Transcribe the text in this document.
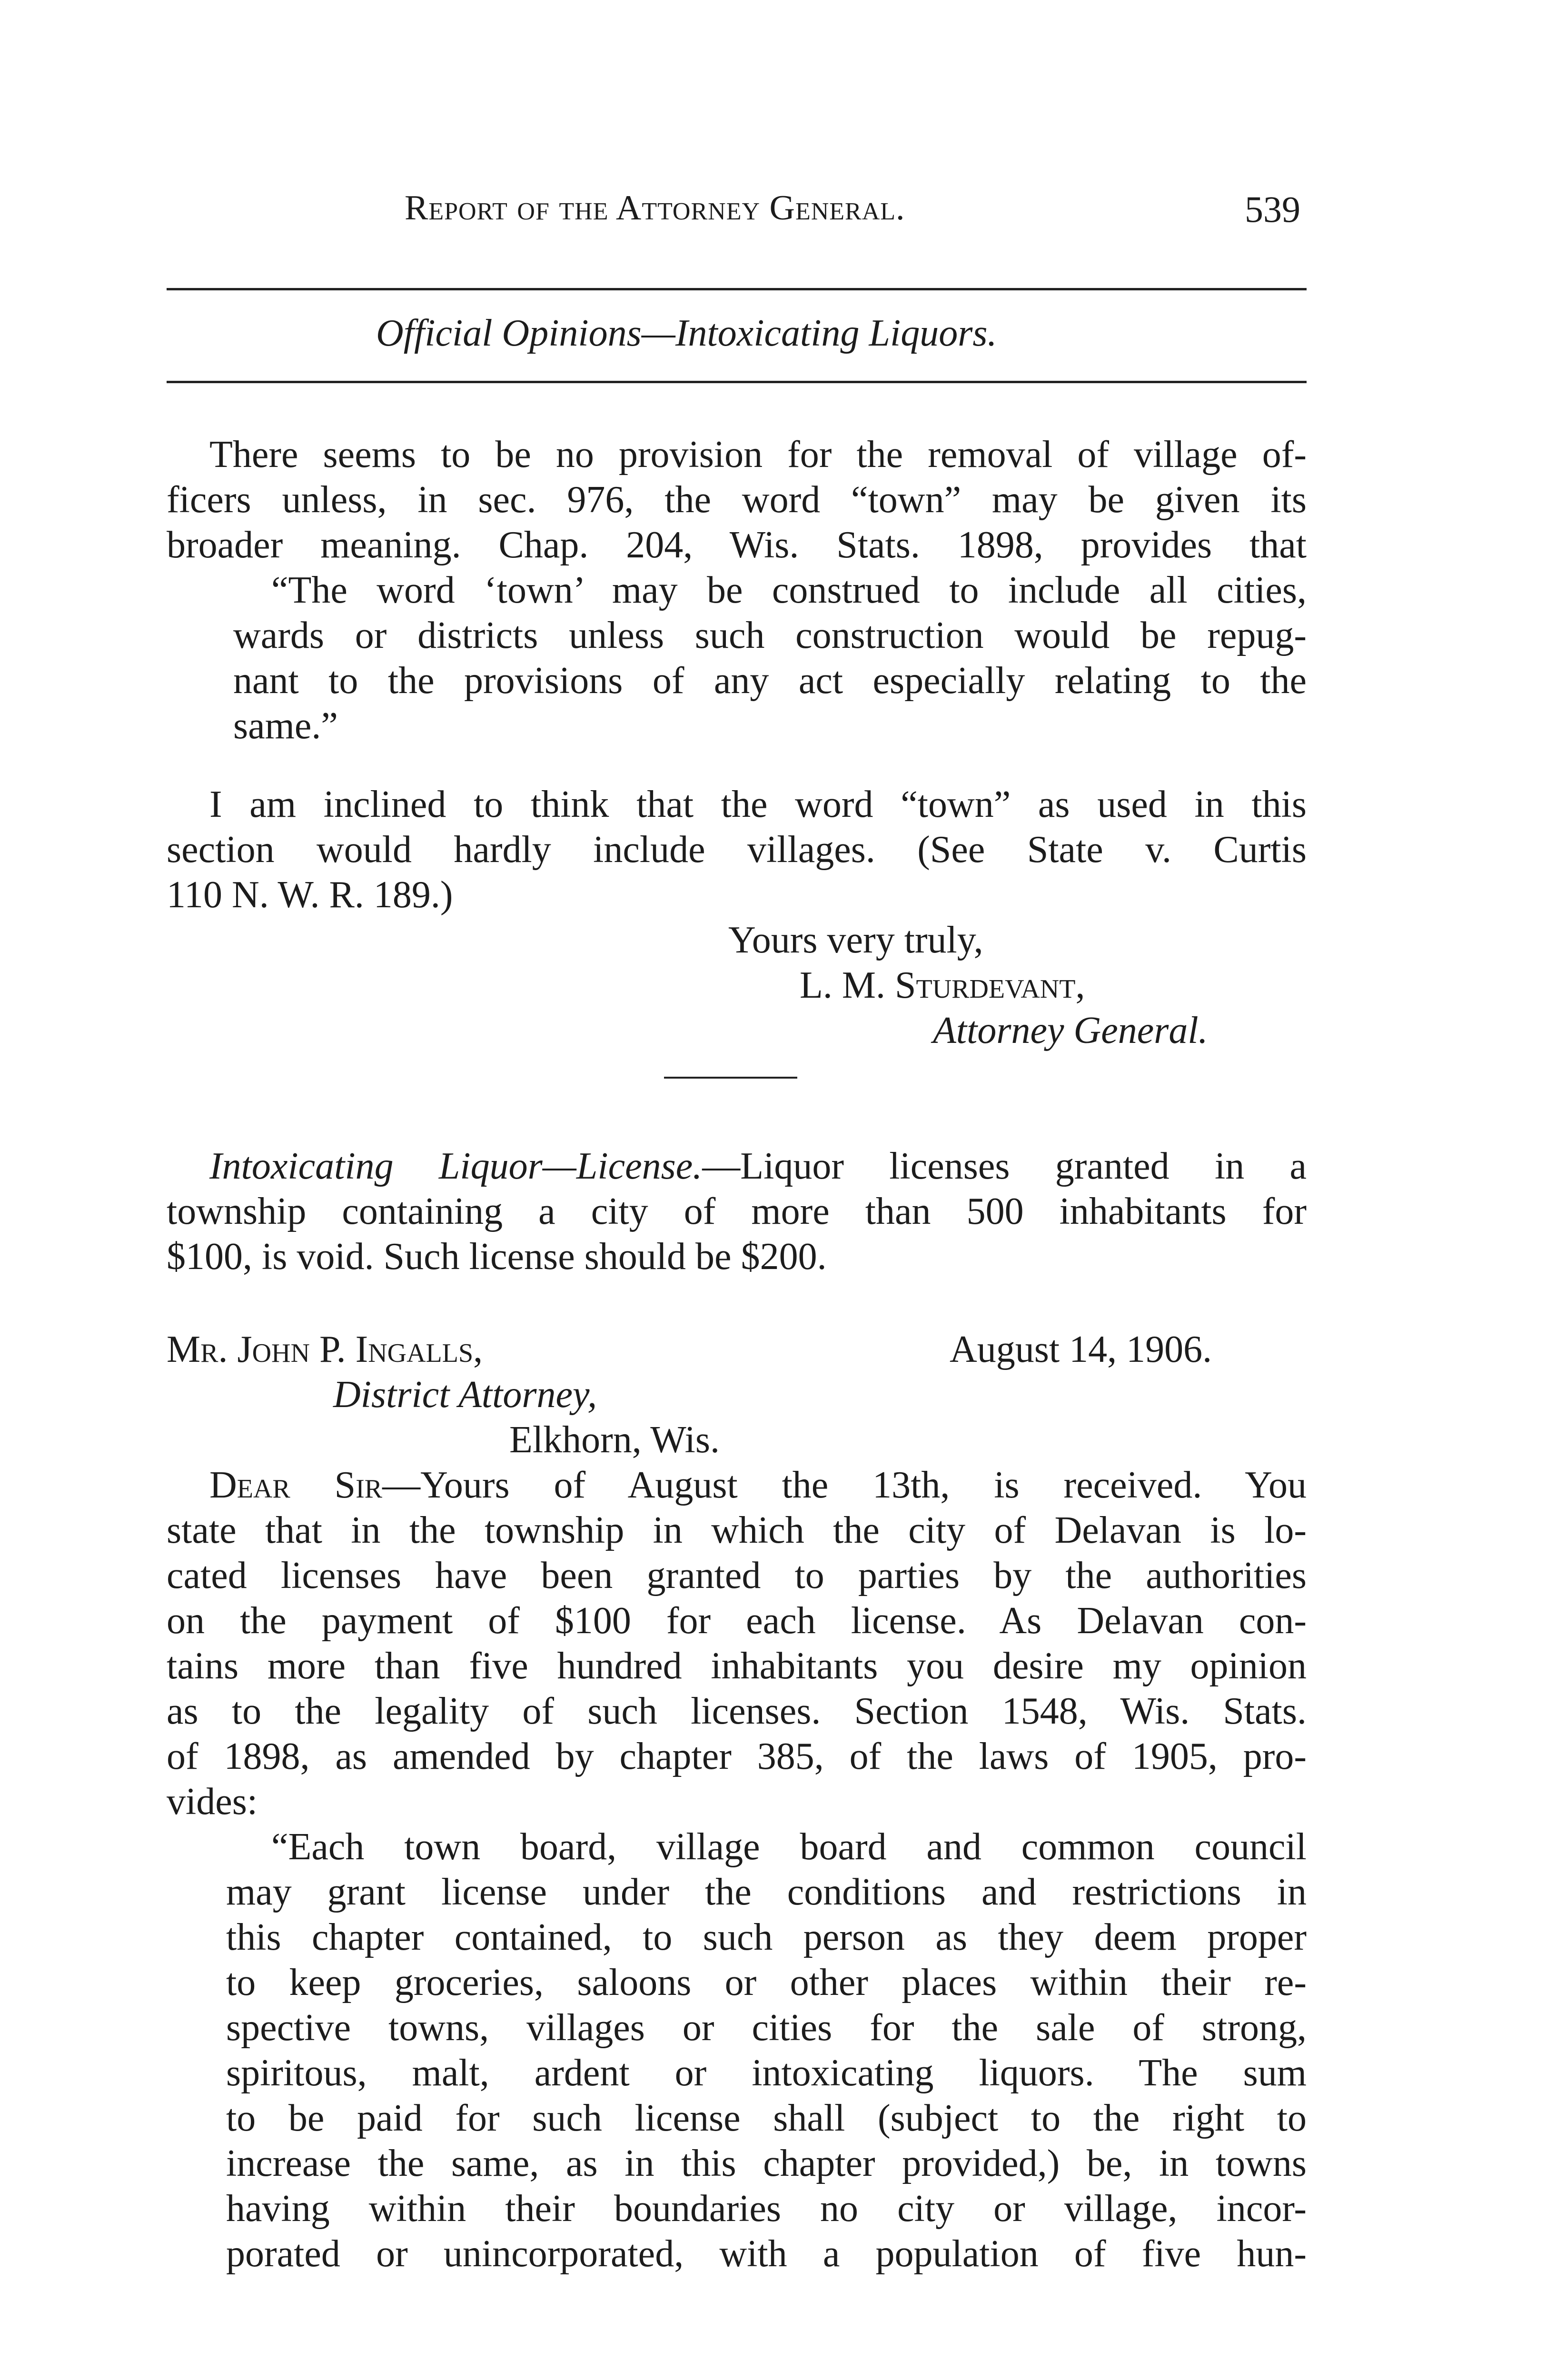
Report of the Attorney General.	539
Official Opinions—Intoxicating Liquors.
There seems to be no provision for the removal of village of-
ficers unless, in sec. 976, the word “town” may be given its
broader meaning. Chap. 204, Wis. Stats. 1898, provides that
“The word ‘town’ may be construed to include all cities,
wards or districts unless such construction would be repug-
nant to the provisions of any act especially relating to the
same.”
I am inclined to think that the word “town” as used in this
section would hardly include villages. (See State v. Curtis
110 N. W. R. 189.)
Yours very truly,
L. M. Sturdevant,
Attorney General.
Intoxicating Liquor—License.—Liquor licenses granted in a
township containing a city of more than 500 inhabitants for
$100, is void. Such license should be $200.
Mr. John P. Ingalls,	August 14, 1906.
District Attorney,
Elkhorn, Wis.
Dear Sir—Yours of August the 13th, is received. You
state that in the township in which the city of Delavan is lo-
cated licenses have been granted to parties by the authorities
on the payment of $100 for each license. As Delavan con-
tains more than five hundred inhabitants you desire my opinion
as to the legality of such licenses. Section 1548, Wis. Stats.
of 1898, as amended by chapter 385, of the laws of 1905, pro-
vides:
“Each town board, village board and common council
may grant license under the conditions and restrictions in
this chapter contained, to such person as they deem proper
to keep groceries, saloons or other places within their re-
spective towns, villages or cities for the sale of strong,
spiritous, malt, ardent or intoxicating liquors. The sum
to be paid for such license shall (subject to the right to
increase the same, as in this chapter provided,) be, in towns
having within their boundaries no city or village, incor-
porated or unincorporated, with a population of five hun-
